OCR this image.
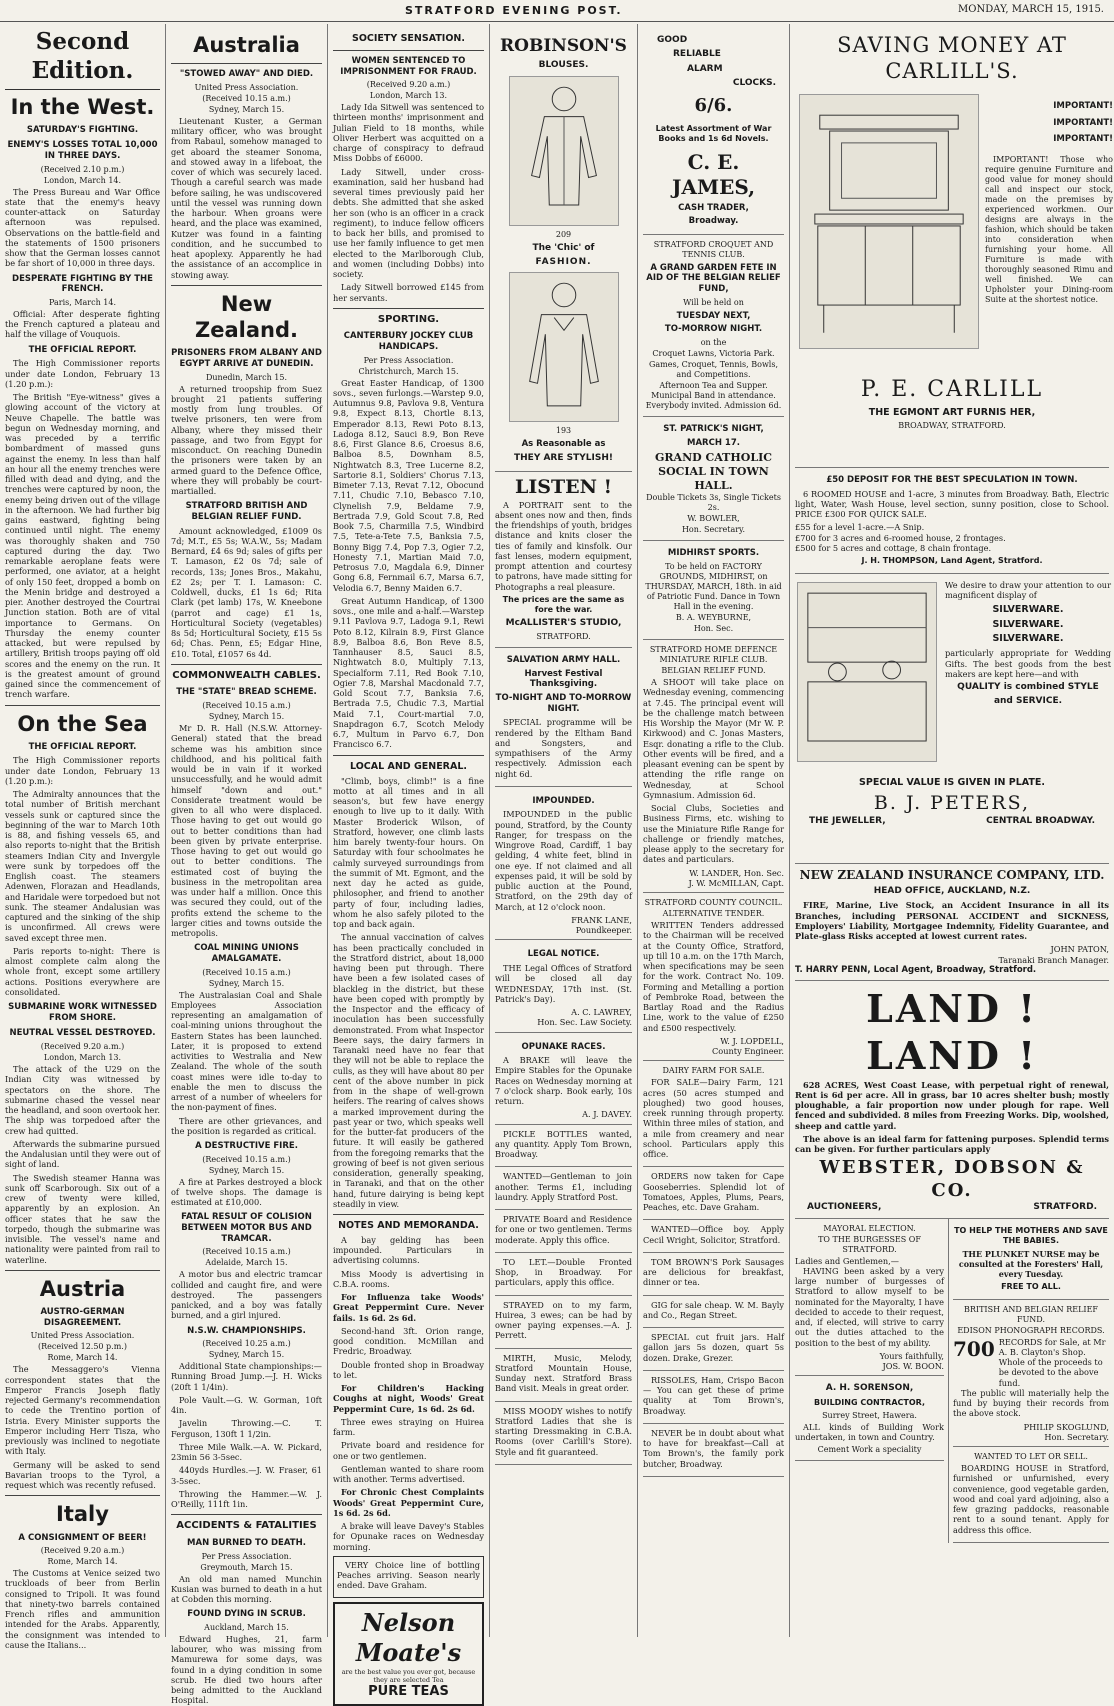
STRATFORD EVENING POST.	MONDAY, MARCH 15, 1915.
Second Edition.
In the West.
SATURDAY'S FIGHTING.
ENEMY'S LOSSES TOTAL 10,000 IN THREE DAYS.
(Received 2.10 p.m.)
London, March 14.

The Press Bureau and War Office state that the enemy's heavy counter-attack on Saturday afternoon was repulsed. Observations on the battle-field and the statements of 1500 prisoners show that the German losses cannot be far short of 10,000 in three days.

DESPERATE FIGHTING BY THE FRENCH.
Paris, March 14.

Official: After desperate fighting the French captured a plateau and half the village of Vouquois.

THE OFFICIAL REPORT.

The High Commissioner reports under date London, February 13 (1.20 p.m.):

The British "Eye-witness" gives a glowing account of the victory at Neuve Chapelle. The battle was begun on Wednesday morning, and was preceded by a terrific bombardment of massed guns against the enemy. In less than half an hour all the enemy trenches were filled with dead and dying, and the trenches were captured by noon, the enemy being driven out of the village in the afternoon. We had further big gains eastward, fighting being continued until night. The enemy was thoroughly shaken and 750 captured during the day. Two remarkable aeroplane feats were performed, one aviator, at a height of only 150 feet, dropped a bomb on the Menin bridge and destroyed a pier. Another destroyed the Courtrai Junction station. Both are of vital importance to Germans. On Thursday the enemy counter attacked, but were repulsed by artillery, British troops paying off old scores and the enemy on the run. It is the greatest amount of ground gained since the commencement of trench warfare.

On the Sea
THE OFFICIAL REPORT.

The High Commissioner reports under date London, February 13 (1.20 p.m.):

The Admiralty announces that the total number of British merchant vessels sunk or captured since the beginning of the war to March 10th is 88, and fishing vessels 65, and also reports to-night that the British steamers Indian City and Invergyle were sunk by torpedoes off the English coast. The steamers Adenwen, Florazan and Headlands, and Haridale were torpedoed but not sunk. The steamer Andalusian was captured and the sinking of the ship is unconfirmed. All crews were saved except three men.

Paris reports to-night: There is almost complete calm along the whole front, except some artillery actions. Positions everywhere are consolidated.

SUBMARINE WORK WITNESSED FROM SHORE.
NEUTRAL VESSEL DESTROYED.
(Received 9.20 a.m.)
London, March 13.

The attack of the U29 on the Indian City was witnessed by spectators on the shore. The submarine chased the vessel near the headland, and soon overtook her. The ship was torpedoed after the crew had quitted.

Afterwards the submarine pursued the Andalusian until they were out of sight of land.

The Swedish steamer Hanna was sunk off Scarborough. Six out of a crew of twenty were killed, apparently by an explosion. An officer states that he saw the torpedo, though the submarine was invisible. The vessel's name and nationality were painted from rail to waterline.

Austria
AUSTRO-GERMAN DISAGREEMENT.
United Press Association.
(Received 12.50 p.m.)
Rome, March 14.

The Messaggero's Vienna correspondent states that the Emperor Francis Joseph flatly rejected Germany's recommendation to cede the Trentino portion of Istria. Every Minister supports the Emperor including Herr Tisza, who previously was inclined to negotiate with Italy.

Germany will be asked to send Bavarian troops to the Tyrol, a request which was recently refused.

Italy
A CONSIGNMENT OF BEER!
(Received 9.20 a.m.)
Rome, March 14.

The Customs at Venice seized two truckloads of beer from Berlin consigned to Tripoli. It was found that ninety-two barrels contained French rifles and ammunition intended for the Arabs. Apparently, the consignment was intended to cause the Italians...

Australia
"STOWED AWAY" AND DIED.
United Press Association.
(Received 10.15 a.m.)
Sydney, March 15.

Lieutenant Kuster, a German military officer, who was brought from Rabaul, somehow managed to get aboard the steamer Sonoma, and stowed away in a lifeboat, the cover of which was securely laced. Though a careful search was made before sailing, he was undiscovered until the vessel was running down the harbour. When groans were heard, and the place was examined, Kutzer was found in a fainting condition, and he succumbed to heat apoplexy. Apparently he had the assistance of an accomplice in stowing away.

New Zealand.
PRISONERS FROM ALBANY AND EGYPT ARRIVE AT DUNEDIN.
Dunedin, March 15.

A returned troopship from Suez brought 21 patients suffering mostly from lung troubles. Of twelve prisoners, ten were from Albany, where they missed their passage, and two from Egypt for misconduct. On reaching Dunedin the prisoners were taken by an armed guard to the Defence Office, where they will probably be court-martialled.

STRATFORD BRITISH AND BELGIAN RELIEF FUND.

Amount acknowledged, £1009 0s 7d; M.T., £5 5s; W.A.W., 5s; Madam Bernard, £4 6s 9d; sales of gifts per T. Lamason, £2 0s 7d; sale of records, 13s; Jones Bros., Makahu, £2 2s; per T. I. Lamason: C. Coldwell, ducks, £1 1s 6d; Rita Clark (pet lamb) 17s, W. Kneebone (parrot and cage) £1 1s, Horticultural Society (vegetables) 8s 5d; Horticultural Society, £15 5s 6d; Chas. Penn, £5; Edgar Hine, £10. Total, £1057 6s 4d.

COMMONWEALTH CABLES.
THE "STATE" BREAD SCHEME.
(Received 10.15 a.m.)
Sydney, March 15.

Mr D. R. Hall (N.S.W. Attorney-General) stated that the bread scheme was his ambition since childhood, and his political faith would be in vain if it worked unsuccessfully, and he would admit himself "down and out." Considerate treatment would be given to all who were displaced. Those having to get out would go out to better conditions than had been given by private enterprise. Those having to get out would go out to better conditions. The estimated cost of buying the business in the metropolitan area was under half a million. Once this was secured they could, out of the profits extend the scheme to the larger cities and towns outside the metropolis.

COAL MINING UNIONS AMALGAMATE.
(Received 10.15 a.m.)
Sydney, March 15.

The Australasian Coal and Shale Employees Association representing an amalgamation of coal-mining unions throughout the Eastern States has been launched. Later, it is proposed to extend activities to Westralia and New Zealand. The whole of the south coast mines were idle to-day to enable the men to discuss the arrest of a number of wheelers for the non-payment of fines.

There are other grievances, and the position is regarded as critical.

A DESTRUCTIVE FIRE.
(Received 10.15 a.m.)
Sydney, March 15.

A fire at Parkes destroyed a block of twelve shops. The damage is estimated at £10,000.

FATAL RESULT OF COLISION BETWEEN MOTOR BUS AND TRAMCAR.
(Received 10.15 a.m.)
Adelaide, March 15.

A motor bus and electric tramcar collided and caught fire, and were destroyed. The passengers panicked, and a boy was fatally burned, and a girl injured.

N.S.W. CHAMPIONSHIPS.
(Received 10.25 a.m.)
Sydney, March 15.

Additional State championships:— Running Broad Jump.—J. H. Wicks (20ft 1 1/4in).

Pole Vault.—G. W. Gorman, 10ft 4in.

Javelin Throwing.—C. T. Ferguson, 130ft 1 1/2in.

Three Mile Walk.—A. W. Pickard, 23min 56 3-5sec.

440yds Hurdles.—J. W. Fraser, 61 3-5sec.

Throwing the Hammer.—W. J. O'Reilly, 111ft 1in.

ACCIDENTS & FATALITIES
MAN BURNED TO DEATH.
Per Press Association.
Greymouth, March 15.

An old man named Munchin Kusian was burned to death in a hut at Cobden this morning.

FOUND DYING IN SCRUB.
Auckland, March 15.

Edward Hughes, 21, farm labourer, who was missing from Mamurewa for some days, was found in a dying condition in some scrub. He died two hours after being admitted to the Auckland Hospital.

SOCIETY SENSATION.
WOMEN SENTENCED TO IMPRISONMENT FOR FRAUD.
(Received 9.20 a.m.)
London, March 13.

Lady Ida Sitwell was sentenced to thirteen months' imprisonment and Julian Field to 18 months, while Oliver Herbert was acquitted on a charge of conspiracy to defraud Miss Dobbs of £6000.

Lady Sitwell, under cross-examination, said her husband had several times previously paid her debts. She admitted that she asked her son (who is an officer in a crack regiment), to induce fellow officers to back her bills, and promised to use her family influence to get men elected to the Marlborough Club, and women (including Dobbs) into society.

Lady Sitwell borrowed £145 from her servants.

SPORTING.
CANTERBURY JOCKEY CLUB HANDICAPS.
Per Press Association.
Christchurch, March 15.

Great Easter Handicap, of 1300 sovs., seven furlongs.—Warstep 9.0, Autumnus 9.8, Pavlova 9.8, Ventura 9.8, Expect 8.13, Chortle 8.13, Emperador 8.13, Rewi Poto 8.13, Ladoga 8.12, Sauci 8.9, Bon Reve 8.6, First Glance 8.6, Croesus 8.6, Balboa 8.5, Downham 8.5, Nightwatch 8.3, Tree Lucerne 8.2, Sartorie 8.1, Soldiers' Chorus 7.13, Bimeter 7.13, Revat 7.12, Obocund 7.11, Chudic 7.10, Bebasco 7.10, Clynelish 7.9, Beldame 7.9, Bertrada 7.9, Gold Scout 7.8, Red Book 7.5, Charmilla 7.5, Windbird 7.5, Tete-a-Tete 7.5, Banksia 7.5, Bonny Bigg 7.4, Pop 7.3, Ogier 7.2, Honesty 7.1, Martian Maid 7.0, Petrosus 7.0, Magdala 6.9, Dinner Gong 6.8, Fernmail 6.7, Marsa 6.7, Velodia 6.7, Benny Maiden 6.7.

Great Autumn Handicap, of 1300 sovs., one mile and a-half.—Warstep 9.11 Pavlova 9.7, Ladoga 9.1, Rewi Poto 8.12, Kilrain 8.9, First Glance 8.9, Balboa 8.6, Bon Reve 8.5, Tannhauser 8.5, Sauci 8.5, Nightwatch 8.0, Multiply 7.13, Specialform 7.11, Red Book 7.10, Ogier 7.8, Marshal Macdonald 7.7, Gold Scout 7.7, Banksia 7.6, Bertrada 7.5, Chudic 7.3, Martial Maid 7.1, Court-martial 7.0, Snapdragon 6.7, Scotch Melody 6.7, Multum in Parvo 6.7, Don Francisco 6.7.

LOCAL AND GENERAL.

"Climb, boys, climb!" is a fine motto at all times and in all season's, but few have energy enough to live up to it daily. With Master Broderick Wilson, of Stratford, however, one climb lasts him barely twenty-four hours. On Saturday with four schoolmates he calmly surveyed surroundings from the summit of Mt. Egmont, and the next day he acted as guide, philosopher, and friend to another party of four, including ladies, whom he also safely piloted to the top and back again.

The annual vaccination of calves has been practically concluded in the Stratford district, about 18,000 having been put through. There have been a few isolated cases of blackleg in the district, but these have been coped with promptly by the Inspector and the efficacy of inoculation has been successfully demonstrated. From what Inspector Beere says, the dairy farmers in Taranaki need have no fear that they will not be able to replace the culls, as they will have about 80 per cent of the above number in pick from in the shape of well-grown heifers. The rearing of calves shows a marked improvement during the past year or two, which speaks well for the butter-fat producers of the future. It will easily be gathered from the foregoing remarks that the growing of beef is not given serious consideration, generally speaking, in Taranaki, and that on the other hand, future dairying is being kept steadily in view.

NOTES AND MEMORANDA.

A bay gelding has been impounded. Particulars in advertising columns.

Miss Moody is advertising in C.B.A. rooms.

For Influenza take Woods' Great Peppermint Cure. Never fails. 1s 6d. 2s 6d.

Second-hand 3ft. Orion range, good condition. McMillan and Fredric, Broadway.

Double fronted shop in Broadway to let.

For Children's Hacking Coughs at night, Woods' Great Peppermint Cure, 1s 6d. 2s 6d.

Three ewes straying on Huirea farm.

Private board and residence for one or two gentlemen.

Gentleman wanted to share room with another. Terms advertised.

For Chronic Chest Complaints Woods' Great Peppermint Cure, 1s 6d. 2s 6d.

A brake will leave Davey's Stables for Opunake races on Wednesday morning.

VERY Choice line of bottling Peaches arriving. Season nearly ended. Dave Graham.

Nelson Moate's
are the best value you ever got, because they are selected Tea
PURE TEAS
ROBINSON'S
BLOUSES.
209
The 'Chic' of
FASHION.
193
As Reasonable as
THEY ARE STYLISH!
LISTEN !

A PORTRAIT sent to the absent ones now and then, finds the friendships of youth, bridges distance and knits closer the ties of family and kinsfolk. Our fast lenses, modern equipment, prompt attention and courtesy to patrons, have made sitting for Photographs a real pleasure.

The prices are the same as fore the war.
McALLISTER'S STUDIO,
STRATFORD.
SALVATION ARMY HALL.
Harvest Festival Thanksgiving.
TO-NIGHT AND TO-MORROW NIGHT.

SPECIAL programme will be rendered by the Eltham Band and Songsters, and sympathisers of the Army respectively. Admission each night 6d.

IMPOUNDED.

IMPOUNDED in the public pound, Stratford, by the County Ranger, for trespass on the Wingrove Road, Cardiff, 1 bay gelding, 4 white feet, blind in one eye. If not claimed and all expenses paid, it will be sold by public auction at the Pound, Stratford, on the 29th day of March, at 12 o'clock noon.

FRANK LANE,
Poundkeeper.
LEGAL NOTICE.

THE Legal Offices of Stratford will be closed all day WEDNESDAY, 17th inst. (St. Patrick's Day).

A. C. LAWREY,
Hon. Sec. Law Society.
OPUNAKE RACES.

A BRAKE will leave the Empire Stables for the Opunake Races on Wednesday morning at 7 o'clock sharp. Book early, 10s return.

A. J. DAVEY.

PICKLE BOTTLES wanted, any quantity. Apply Tom Brown, Broadway.

WANTED—Gentleman to join another. Terms £1, including laundry. Apply Stratford Post.

PRIVATE Board and Residence for one or two gentlemen. Terms moderate. Apply this office.

TO LET.—Double Fronted Shop, in Broadway. For particulars, apply this office.

STRAYED on to my farm, Huirea, 3 ewes; can be had by owner paying expenses.—A. J. Perrett.

MIRTH, Music, Melody, Stratford Mountain House, Sunday next. Stratford Brass Band visit. Meals in great order.

MISS MOODY wishes to notify Stratford Ladies that she is starting Dressmaking in C.B.A. Rooms (over Carlill's Store). Style and fit guaranteed.

GOOD
RELIABLE
ALARM
CLOCKS.
6/6.
Latest Assortment of War Books and 1s 6d Novels.
C. E. JAMES,
CASH TRADER,
Broadway.
STRATFORD CROQUET AND TENNIS CLUB.
A GRAND GARDEN FETE IN AID OF THE BELGIAN RELIEF FUND,
Will be held on
TUESDAY NEXT,
TO-MORROW NIGHT.
on the
Croquet Lawns, Victoria Park.
Games, Croquet, Tennis, Bowls, and Competitions.
Afternoon Tea and Supper. Municipal Band in attendance. Everybody invited. Admission 6d.
ST. PATRICK'S NIGHT,
MARCH 17.
GRAND CATHOLIC SOCIAL IN TOWN HALL.
Double Tickets 3s, Single Tickets 2s.
W. BOWLER,
Hon. Secretary.
MIDHIRST SPORTS.
To be held on FACTORY GROUNDS, MIDHIRST, on THURSDAY, MARCH, 18th. in aid of Patriotic Fund. Dance in Town Hall in the evening.
B. A. WEYBURNE,
Hon. Sec.
STRATFORD HOME DEFENCE MINIATURE RIFLE CLUB.
BELGIAN RELIEF FUND.

A SHOOT will take place on Wednesday evening, commencing at 7.45. The principal event will be the challenge match between His Worship the Mayor (Mr W. P. Kirkwood) and C. Jonas Masters, Esqr. donating a rifle to the Club. Other events will be fired, and a pleasant evening can be spent by attending the rifle range on Wednesday, at School Gymnasium. Admission 6d.

Social Clubs, Societies and Business Firms, etc. wishing to use the Miniature Rifle Range for challenge or friendly matches, please apply to the secretary for dates and particulars.

W. LANDER, Hon. Sec.
J. W. McMILLAN, Capt.
STRATFORD COUNTY COUNCIL.
ALTERNATIVE TENDER.

WRITTEN Tenders addressed to the Chairman will be received at the County Office, Stratford, up till 10 a.m. on the 17th March, when specifications may be seen for the work. Contract No. 109. Forming and Metalling a portion of Pembroke Road, between the Bartlay Road and the Radius Line, work to the value of £250 and £500 respectively.

W. J. LOPDELL,
County Engineer.
DAIRY FARM FOR SALE.

FOR SALE—Dairy Farm, 121 acres (50 acres stumped and ploughed) two good houses, creek running through property. Within three miles of station, and a mile from creamery and near school. Particulars apply this office.

ORDERS now taken for Cape Gooseberries. Splendid lot of Tomatoes, Apples, Plums, Pears, Peaches, etc. Dave Graham.

WANTED—Office boy. Apply Cecil Wright, Solicitor, Stratford.

TOM BROWN'S Pork Sausages are delicious for breakfast, dinner or tea.

GIG for sale cheap. W. M. Bayly and Co., Regan Street.

SPECIAL cut fruit jars. Half gallon jars 5s dozen, quart 5s dozen. Drake, Grezer.

RISSOLES, Ham, Crispo Bacon— You can get these of prime quality at Tom Brown's, Broadway.

NEVER be in doubt about what to have for breakfast—Call at Tom Brown's, the family pork butcher, Broadway.

SAVING MONEY AT
CARLILL'S.
IMPORTANT!
IMPORTANT!
IMPORTANT!

IMPORTANT! Those who require genuine Furniture and good value for money should call and inspect our stock, made on the premises by experienced workmen. Our designs are always in the fashion, which should be taken into consideration when furnishing your home. All Furniture is made with thoroughly seasoned Rimu and well finished. We can Upholster your Dining-room Suite at the shortest notice.

P. E. CARLILL
THE EGMONT ART FURNIS HER,
BROADWAY, STRATFORD.
£50 DEPOSIT FOR THE BEST SPECULATION IN TOWN.

6 ROOMED HOUSE and 1-acre, 3 minutes from Broadway. Bath, Electric light, Water, Wash House, level section, sunny position, close to School. PRICE £300 FOR QUICK SALE.

£55 for a level 1-acre.—A Snip.
£700 for 3 acres and 6-roomed house, 2 frontages.
£500 for 5 acres and cottage, 8 chain frontage.
J. H. THOMPSON, Land Agent, Stratford.

We desire to draw your attention to our magnificent display of

SILVERWARE.
SILVERWARE.
SILVERWARE.

particularly appropriate for Wedding Gifts. The best goods from the best makers are kept here—and with

QUALITY is combined STYLE
and SERVICE.
SPECIAL VALUE IS GIVEN IN PLATE.
B. J. PETERS,
THE JEWELLER,	CENTRAL BROADWAY.
NEW ZEALAND INSURANCE COMPANY, LTD.
HEAD OFFICE, AUCKLAND, N.Z.

FIRE, Marine, Live Stock, an Accident Insurance in all its Branches, including PERSONAL ACCIDENT and SICKNESS, Employers' Liability, Mortgagee Indemnity, Fidelity Guarantee, and Plate-glass Risks accepted at lowest current rates.

JOHN PATON,
Taranaki Branch Manager.
T. HARRY PENN, Local Agent, Broadway, Stratford.
LAND ! LAND !

628 ACRES, West Coast Lease, with perpetual right of renewal, Rent is 6d per acre. All in grass, bar 10 acres shelter bush; mostly ploughable, a fair proportion now under plough for rape. Well fenced and subdivided. 8 miles from Freezing Works. Dip, woolshed, sheep and cattle yard.

The above is an ideal farm for fattening purposes. Splendid terms can be given. For further particulars apply

WEBSTER, DOBSON & CO.
AUCTIONEERS,	STRATFORD.
MAYORAL ELECTION.
TO THE BURGESSES OF STRATFORD.
Ladies and Gentlemen,—

HAVING been asked by a very large number of burgesses of Stratford to allow myself to be nominated for the Mayoralty, I have decided to accede to their request, and, if elected, will strive to carry out the duties attached to the position to the best of my ability.

Yours faithfully,
JOS. W. BOON.
A. H. SORENSON,
BUILDING CONTRACTOR,
Surrey Street, Hawera.

ALL kinds of Building Work undertaken, in town and Country.

Cement Work a speciality
TO HELP THE MOTHERS AND SAVE THE BABIES.
THE PLUNKET NURSE may be consulted at the Foresters' Hall, every Tuesday.
FREE TO ALL.
BRITISH AND BELGIAN RELIEF FUND.
EDISON PHONOGRAPH RECORDS.
700 RECORDS for Sale, at Mr A. B. Clayton's Shop. Whole of the proceeds to be devoted to the above fund.

The public will materially help the fund by buying their records from the above stock.

PHILIP SKOGLUND,
Hon. Secretary.
WANTED TO LET OR SELL.

BOARDING HOUSE in Stratford, furnished or unfurnished, every convenience, good vegetable garden, wood and coal yard adjoining, also a few grazing paddocks, reasonable rent to a sound tenant. Apply for address this office.
